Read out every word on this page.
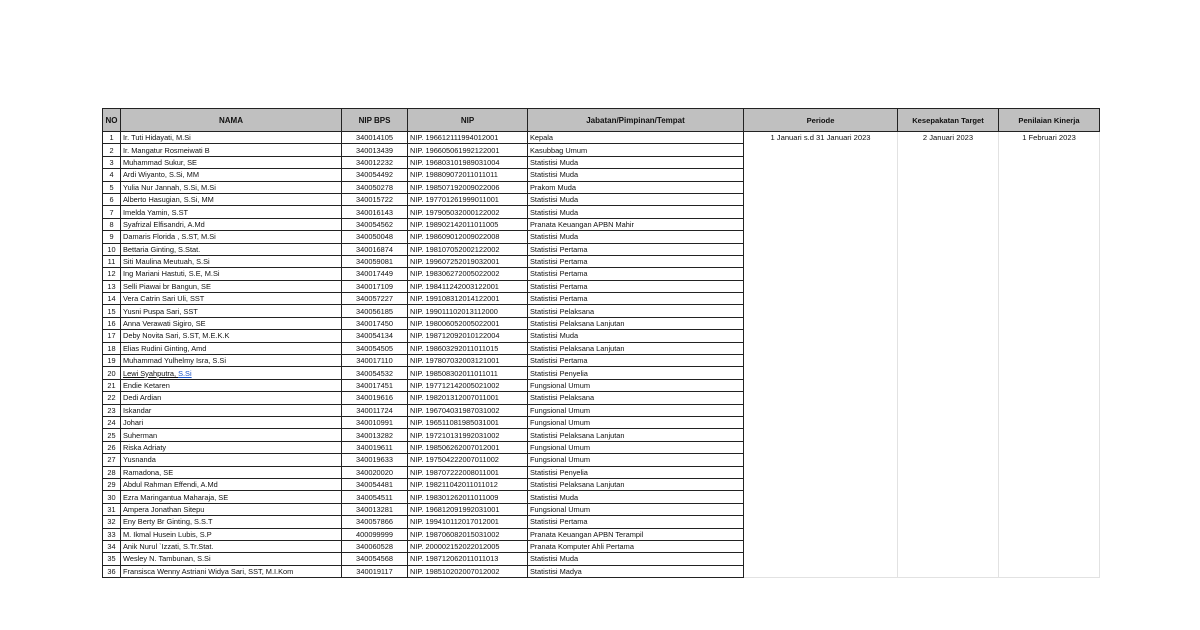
NO	NAMA	NIP BPS	NIP	Jabatan/Pimpinan/Tempat	Periode	Kesepakatan Target	Penilaian Kinerja
1	Ir. Tuti Hidayati, M.Si	340014105	NIP. 196612111994012001	Kepala	1 Januari s.d 31 Januari 2023	2 Januari 2023	1 Februari 2023
2	Ir. Mangatur Rosmeiwati B	340013439	NIP. 196605061992122001	Kasubbag Umum			
3	Muhammad Sukur, SE	340012232	NIP. 196803101989031004	Statistisi Muda			
4	Ardi Wiyanto, S.Si, MM	340054492	NIP. 198809072011011011	Statistisi Muda			
5	Yulia Nur Jannah, S.Si, M.Si	340050278	NIP. 198507192009022006	Prakom Muda			
6	Alberto Hasugian, S.Si, MM	340015722	NIP. 197701261999011001	Statistisi Muda			
7	Imelda Yamin, S.ST	340016143	NIP. 197905032000122002	Statistisi Muda			
8	Syafrizal Elfisandri, A.Md	340054562	NIP. 198902142011011005	Pranata Keuangan APBN Mahir			
9	Damaris Florida , S.ST, M.Si	340050048	NIP. 198609012009022008	Statistisi Muda			
10	Bettaria Ginting, S.Stat.	340016874	NIP. 198107052002122002	Statistisi Pertama			
11	Siti Maulina Meutuah, S.Si	340059081	NIP. 199607252019032001	Statistisi Pertama			
12	Ing Mariani Hastuti, S.E, M.Si	340017449	NIP. 198306272005022002	Statistisi Pertama			
13	Selli Piawai br Bangun, SE	340017109	NIP. 198411242003122001	Statistisi Pertama			
14	Vera Catrin Sari Uli, SST	340057227	NIP. 199108312014122001	Statistisi Pertama			
15	Yusni Puspa Sari, SST	340056185	NIP. 199011102013112000	Statistisi Pelaksana			
16	Anna Verawati Sigiro, SE	340017450	NIP. 198006052005022001	Statistisi Pelaksana Lanjutan			
17	Deby Novita Sari, S.ST, M.E.K.K	340054134	NIP. 198712092010122004	Statistisi Muda			
18	Elias Rudini Ginting, Amd	340054505	NIP. 198603292011011015	Statistisi Pelaksana Lanjutan			
19	Muhammad Yulhelmy Isra, S.Si	340017110	NIP. 197807032003121001	Statistisi Pertama			
20	Lewi Syahputra, S.Si	340054532	NIP. 198508302011011011	Statistisi Penyelia			
21	Endie Ketaren	340017451	NIP. 197712142005021002	Fungsional Umum			
22	Dedi Ardian	340019616	NIP. 198201312007011001	Statistisi Pelaksana			
23	Iskandar	340011724	NIP. 196704031987031002	Fungsional Umum			
24	Johari	340010991	NIP. 196511081985031001	Fungsional Umum			
25	Suherman	340013282	NIP. 197210131992031002	Statistisi Pelaksana Lanjutan			
26	Riska Adriaty	340019611	NIP. 198506262007012001	Fungsional Umum			
27	Yusnanda	340019633	NIP. 197504222007011002	Fungsional Umum			
28	Ramadona, SE	340020020	NIP. 198707222008011001	Statistisi Penyelia			
29	Abdul Rahman Effendi, A.Md	340054481	NIP. 198211042011011012	Statistisi Pelaksana Lanjutan			
30	Ezra Maringantua Maharaja, SE	340054511	NIP. 198301262011011009	Statistisi Muda			
31	Ampera Jonathan Sitepu	340013281	NIP. 196812091992031001	Fungsional Umum			
32	Eny Berty Br Ginting, S.S.T	340057866	NIP. 199410112017012001	Statistisi Pertama			
33	M. Ikmal Husein Lubis, S.P	400099999	NIP. 198706082015031002	Pranata Keuangan APBN Terampil			
34	Anik Nurul `Izzati, S.Tr.Stat.	340060528	NIP. 200002152022012005	Pranata Komputer Ahli Pertama			
35	Wesley N. Tambunan, S.Si	340054568	NIP. 198712062011011013	Statistisi Muda			
36	Fransisca Wenny Astriani Widya Sari, SST, M.I.Kom	340019117	NIP. 198510202007012002	Statistisi Madya			
